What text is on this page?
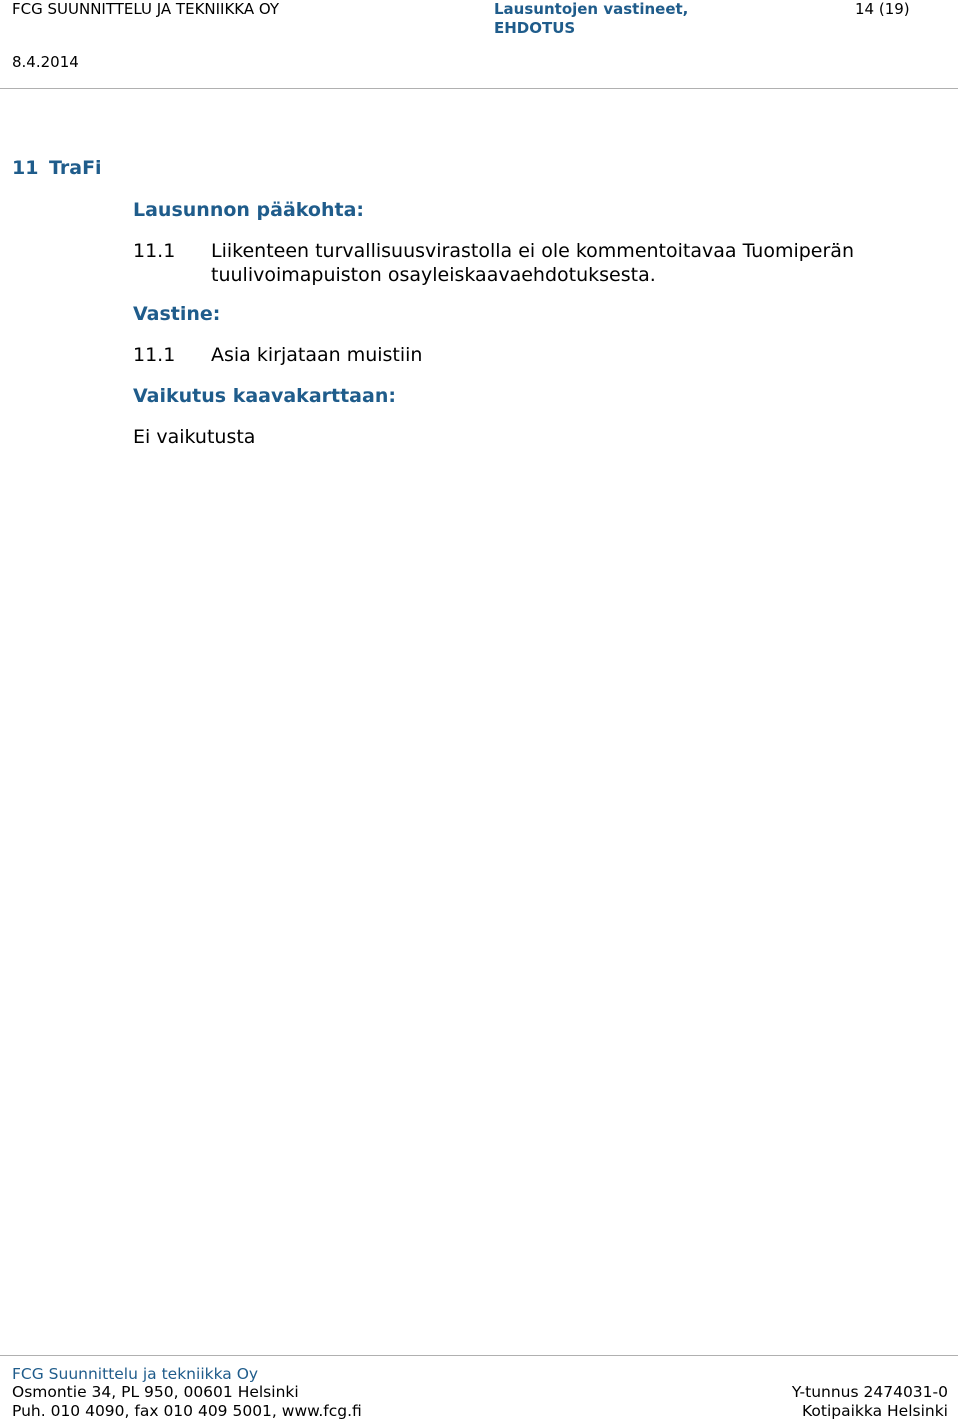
FCG SUUNNITTELU JA TEKNIIKKA OY	Lausuntojen vastineet,
EHDOTUS
14 (19)
8.4.2014
11 TraFi
Lausunnon pääkohta:
11.1 Liikenteen turvallisuusvirastolla ei ole kommentoitavaa Tuomiperän tuulivoimapuiston osayleiskaavaehdotuksesta.
Vastine:
11.1 Asia kirjataan muistiin
Vaikutus kaavakarttaan:
Ei vaikutusta
FCG Suunnittelu ja tekniikka Oy
Osmontie 34, PL 950, 00601 Helsinki
Puh. 010 4090, fax 010 409 5001, www.fcg.fi
Y-tunnus 2474031-0
Kotipaikka Helsinki
